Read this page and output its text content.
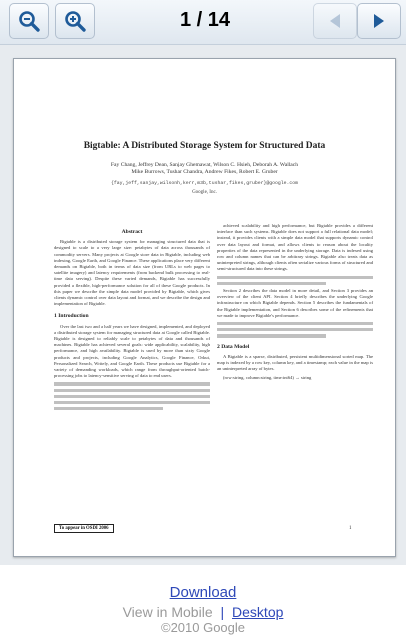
1 / 14
Bigtable: A Distributed Storage System for Structured Data
Fay Chang, Jeffrey Dean, Sanjay Ghemawat, Wilson C. Hsieh, Deborah A. Wallach
Mike Burrows, Tushar Chandra, Andrew Fikes, Robert E. Gruber
{fay,jeff,sanjay,wilsonh,kerr,m3b,tushar,fikes,gruber}@google.com
Google, Inc.
Abstract

Bigtable is a distributed storage system for managing structured data that is designed to scale to a very large size: petabytes of data across thousands of commodity servers. Many projects at Google store data in Bigtable, including web indexing, Google Earth, and Google Finance. These applications place very different demands on Bigtable, both in terms of data size (from URLs to web pages to satellite imagery) and latency requirements (from backend bulk processing to real-time data serving). Despite these varied demands, Bigtable has successfully provided a flexible, high-performance solution for all of these Google products. In this paper we describe the simple data model provided by Bigtable, which gives clients dynamic control over data layout and format, and we describe the design and implementation of Bigtable.

1 Introduction

Over the last two and a half years we have designed, implemented, and deployed a distributed storage system for managing structured data at Google called Bigtable. Bigtable is designed to reliably scale to petabytes of data and thousands of machines. Bigtable has achieved several goals: wide applicability, scalability, high performance, and high availability. Bigtable is used by more than sixty Google products and projects, including Google Analytics, Google Finance, Orkut, Personalized Search, Writely, and Google Earth. These products use Bigtable for a variety of demanding workloads, which range from throughput-oriented batch-processing jobs to latency-sensitive serving of data to end users.

achieved scalability and high performance, but Bigtable provides a different interface than such systems. Bigtable does not support a full relational data model; instead, it provides clients with a simple data model that supports dynamic control over data layout and format, and allows clients to reason about the locality properties of the data represented in the underlying storage. Data is indexed using row and column names that can be arbitrary strings. Bigtable also treats data as uninterpreted strings, although clients often serialize various forms of structured and semi-structured data into these strings.

Section 2 describes the data model in more detail, and Section 3 provides an overview of the client API. Section 4 briefly describes the underlying Google infrastructure on which Bigtable depends. Section 5 describes the fundamentals of the Bigtable implementation, and Section 6 describes some of the refinements that we made to improve Bigtable's performance.

2 Data Model

A Bigtable is a sparse, distributed, persistent multidimensional sorted map. The map is indexed by a row key, column key, and a timestamp; each value in the map is an uninterpreted array of bytes.

(row:string, column:string, time:int64) → string

To appear in OSDI 2006	1
Download
View in Mobile | Desktop
©2010 Google
